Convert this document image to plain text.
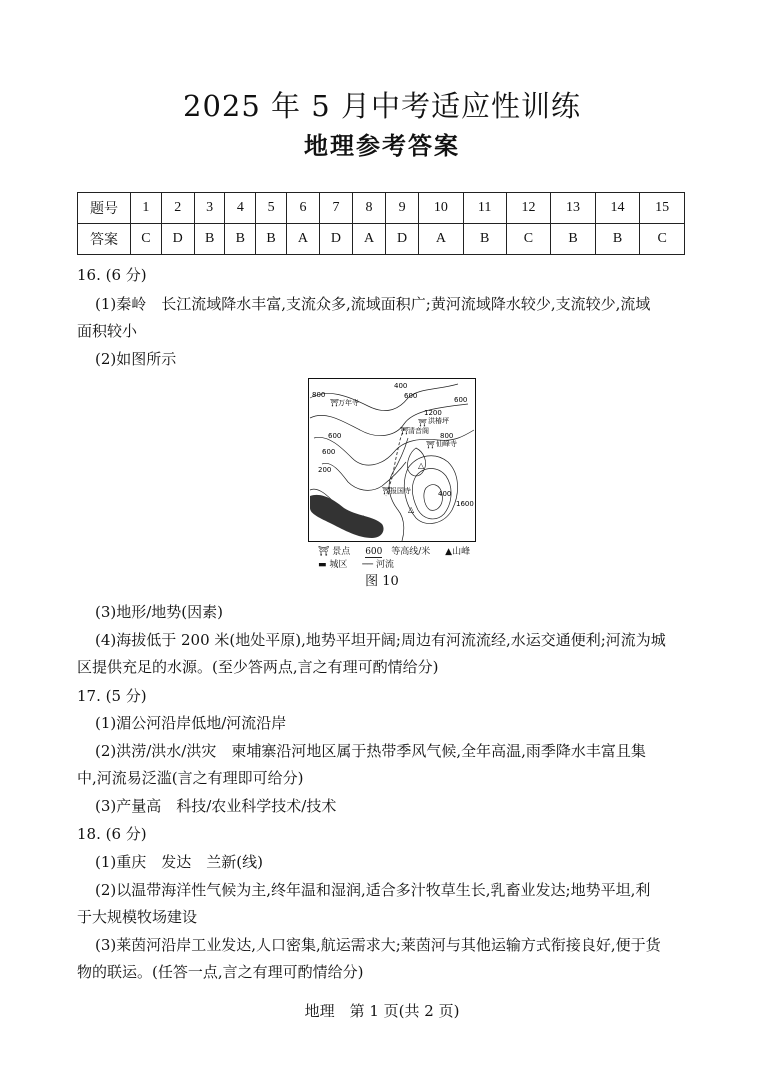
2025 年 5 月中考适应性训练
地理参考答案
题号	1	2	3	4	5	6	7	8	9	10	11	12	13	14	15
答案	C	D	B	B	B	A	D	A	D	A	B	C	B	B	C
16. (6 分)
(1)秦岭　长江流域降水丰富,支流众多,流域面积广;黄河流域降水较少,支流较少,流域
面积较小
(2)如图所示
△
△
⛩
⛩
⛩
⛩
⛩
800
400
600	600
600
600
200
1200
800
400
1600
万年寺
洪椿坪
清音阁
仙峰寺
报国寺
⛩ 景点 600 等高线/米 ▲山峰
▬ 城区 ── 河流
图 10
(3)地形/地势(因素)
(4)海拔低于 200 米(地处平原),地势平坦开阔;周边有河流流经,水运交通便利;河流为城
区提供充足的水源。(至少答两点,言之有理可酌情给分)
17. (5 分)
(1)湄公河沿岸低地/河流沿岸
(2)洪涝/洪水/洪灾　柬埔寨沿河地区属于热带季风气候,全年高温,雨季降水丰富且集
中,河流易泛滥(言之有理即可给分)
(3)产量高　科技/农业科学技术/技术
18. (6 分)
(1)重庆　发达　兰新(线)
(2)以温带海洋性气候为主,终年温和湿润,适合多汁牧草生长,乳畜业发达;地势平坦,利
于大规模牧场建设
(3)莱茵河沿岸工业发达,人口密集,航运需求大;莱茵河与其他运输方式衔接良好,便于货
物的联运。(任答一点,言之有理可酌情给分)
地理　第 1 页(共 2 页)
